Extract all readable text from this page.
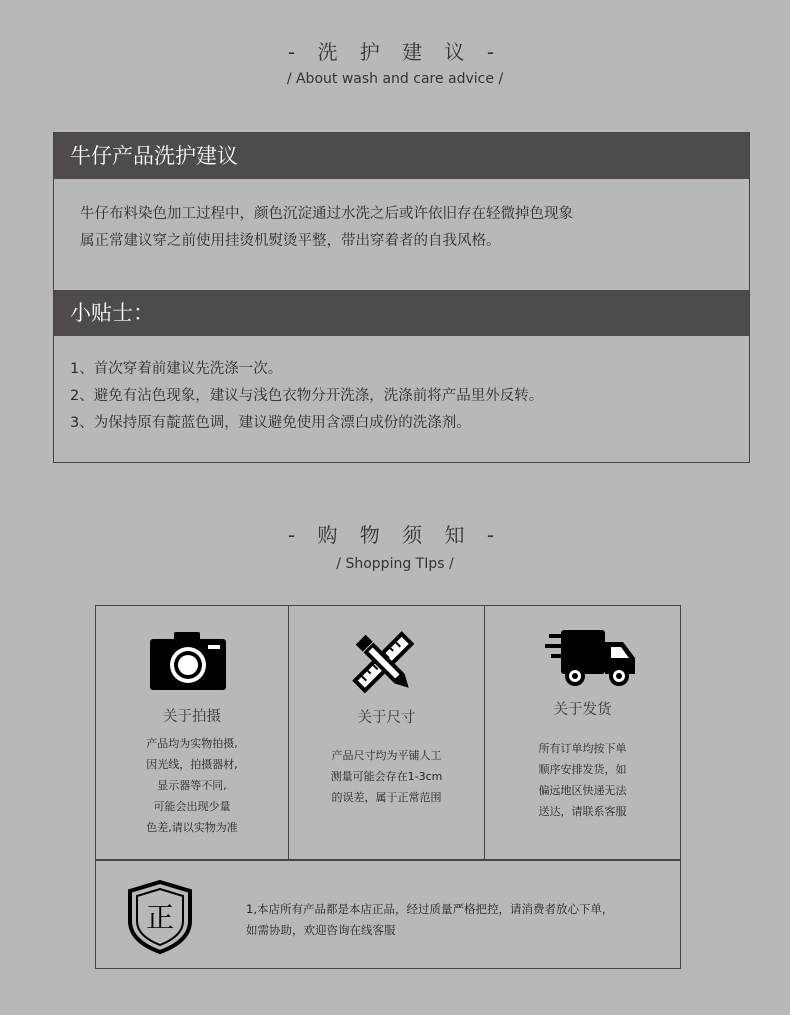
- 洗 护 建 议 -
/ About wash and care advice /
牛仔产品洗护建议
牛仔布料染色加工过程中，颜色沉淀通过水洗之后或许依旧存在轻微掉色现象
属正常建议穿之前使用挂烫机熨烫平整，带出穿着者的自我风格。
小贴士：
1、首次穿着前建议先洗涤一次。
2、避免有沾色现象，建议与浅色衣物分开洗涤，洗涤前将产品里外反转。
3、为保持原有靛蓝色调，建议避免使用含漂白成份的洗涤剂。
- 购 物 须 知 -
/ Shopping TIps /
关于拍摄
产品均为实物拍摄,
因光线，拍摄器材,
显示器等不同,
可能会出现少量
色差,请以实物为准
关于尺寸
产品尺寸均为平铺人工
测量可能会存在1-3cm
的误差，属于正常范围
关于发货
所有订单均按下单
顺序安排发货，如
偏远地区快递无法
送达，请联系客服
正	1,本店所有产品都是本店正品，经过质量严格把控，请消费者放心下单,
如需协助，欢迎咨询在线客服
